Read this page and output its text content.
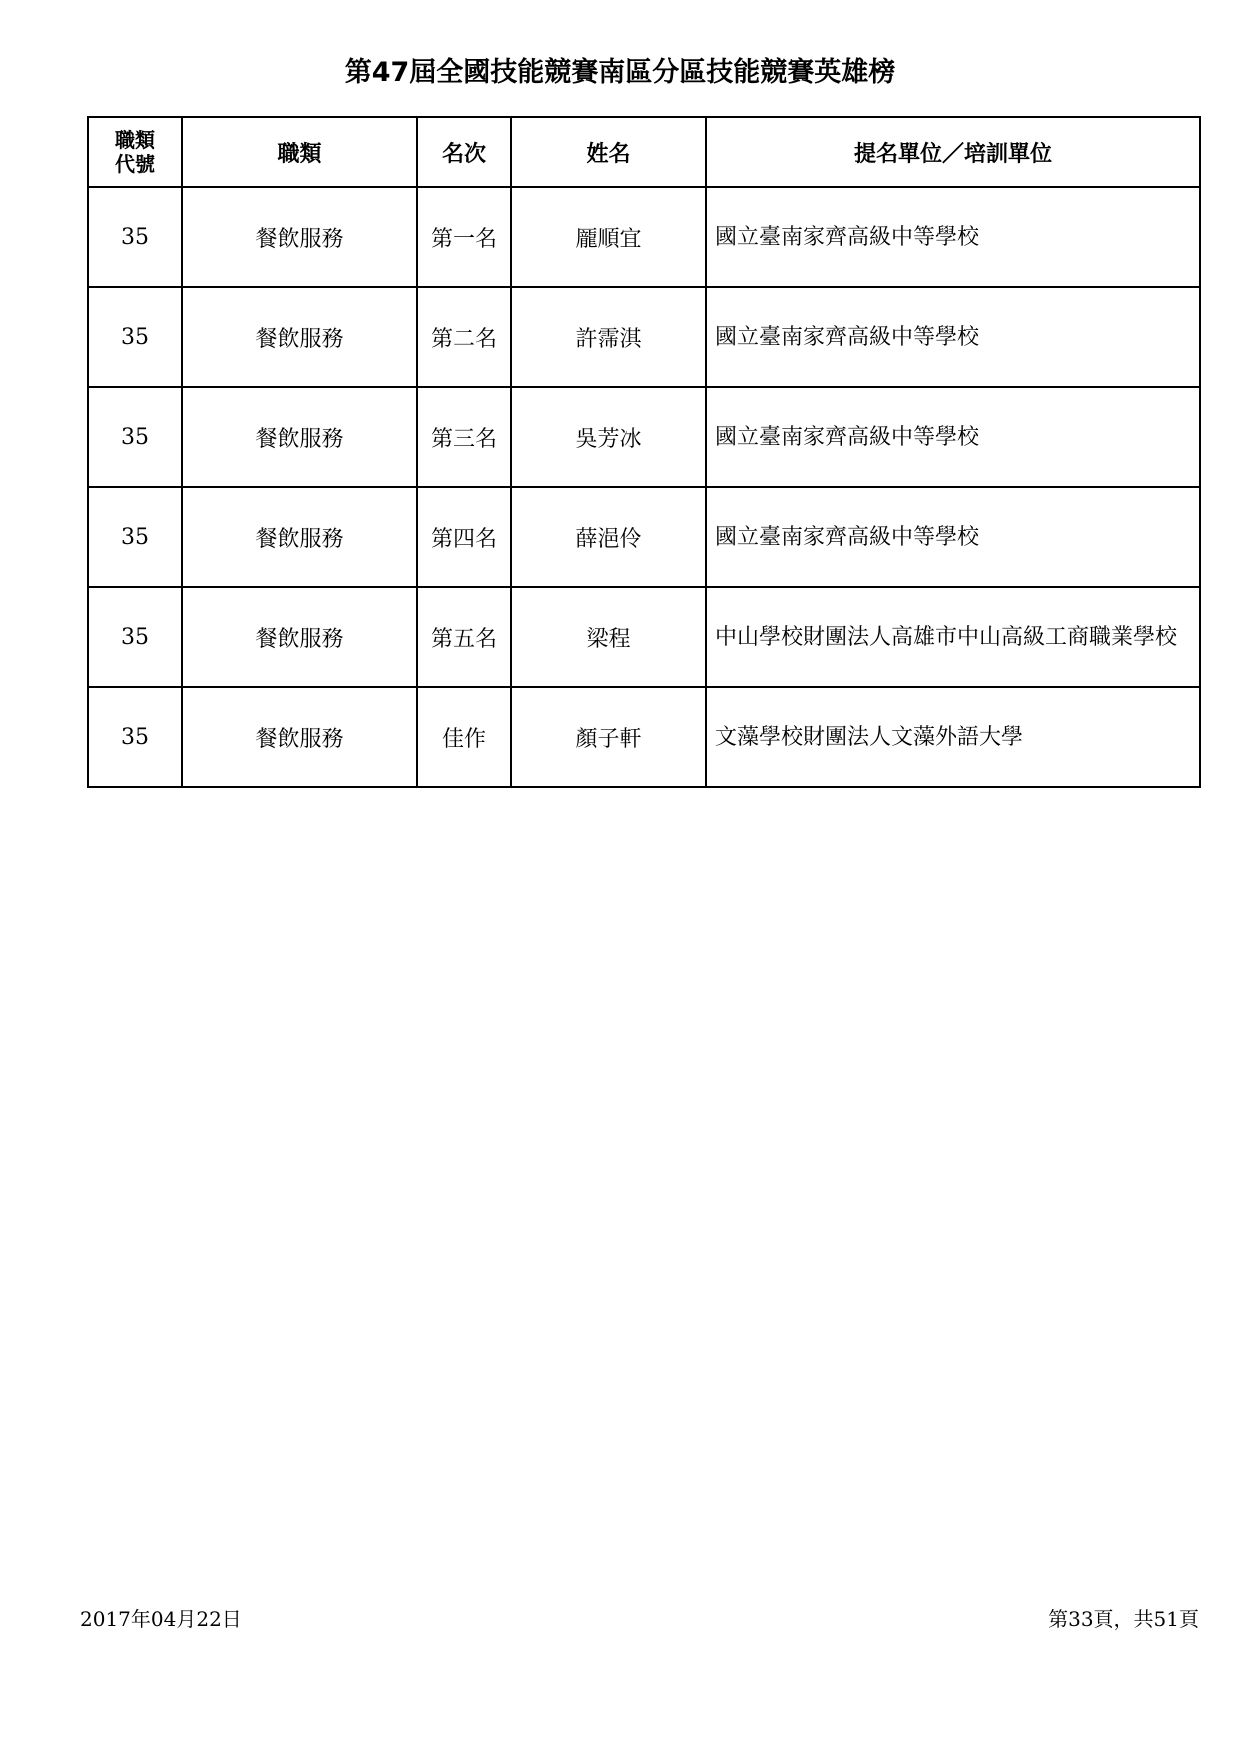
第47屆全國技能競賽南區分區技能競賽英雄榜
職類
代號	職類	名次	姓名	提名單位／培訓單位
35	餐飲服務	第一名	龎順宜	國立臺南家齊高級中等學校
35	餐飲服務	第二名	許霈淇	國立臺南家齊高級中等學校
35	餐飲服務	第三名	吳芳冰	國立臺南家齊高級中等學校
35	餐飲服務	第四名	薛浥伶	國立臺南家齊高級中等學校
35	餐飲服務	第五名	梁程	中山學校財團法人高雄市中山高級工商職業學校
35	餐飲服務	佳作	顏子軒	文藻學校財團法人文藻外語大學
2017年04月22日	第33頁，共51頁
